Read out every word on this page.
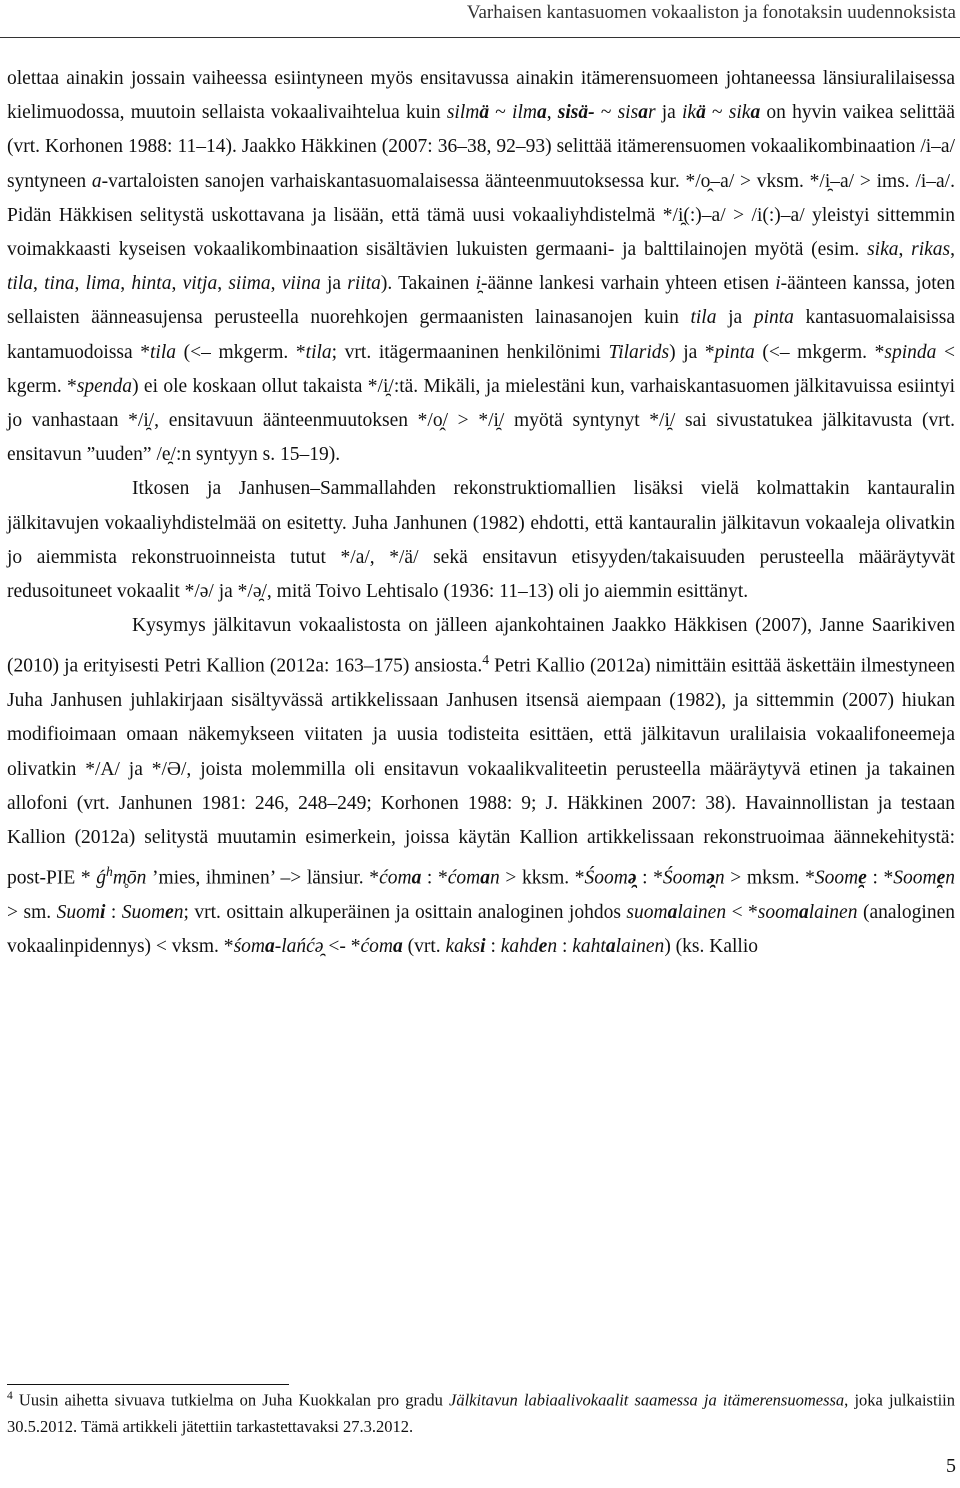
Varhaisen kantasuomen vokaaliston ja fonotaksin uudennoksista

olettaa ainakin jossain vaiheessa esiintyneen myös ensitavussa ainakin itämerensuomeen johtaneessa länsiuralilaisessa kielimuodossa, muutoin sellaista vokaalivaihtelua kuin silmä ~ ilma, sisä- ~ sisar ja ikä ~ sika on hyvin vaikea selittää (vrt. Korhonen 1988: 11–14). Jaakko Häkkinen (2007: 36–38, 92–93) selittää itämerensuomen vokaalikombinaation /i–a/ syntyneen a-vartaloisten sanojen varhaiskantasuomalaisessa äänteenmuutoksessa kur. */o̭–a/ > vksm. */i̯–a/ > ims. /i–a/. Pidän Häkkisen selitystä uskottavana ja lisään, että tämä uusi vokaaliyhdistelmä */i̯(:)–a/ > /i(:)–a/ yleistyi sittemmin voimakkaasti kyseisen vokaalikombinaation sisältävien lukuisten germaani- ja balttilainojen myötä (esim. sika, rikas, tila, tina, lima, hinta, vitja, siima, viina ja riita). Takainen i̯-äänne lankesi varhain yhteen etisen i-äänteen kanssa, joten sellaisten äänneasujensa perusteella nuorehkojen germaanisten lainasanojen kuin tila ja pinta kantasuomalaisissa kantamuodoissa *tila (<– mkgerm. *tila; vrt. itägermaaninen henkilönimi Tilarids) ja *pinta (<– mkgerm. *spinda < kgerm. *spenda) ei ole koskaan ollut takaista */i̯/:tä. Mikäli, ja mielestäni kun, varhaiskantasuomen jälkitavuissa esiintyi jo vanhastaan */i̯/, ensitavuun äänteenmuutoksen */o̭/ > */i̯/ myötä syntynyt */i̯/ sai sivustatukea jälkitavusta (vrt. ensitavun ”uuden” /e̯/:n syntyyn s. 15–19).

Itkosen ja Janhusen–Sammallahden rekonstruktiomallien lisäksi vielä kolmattakin kantauralin jälkitavujen vokaaliyhdistelmää on esitetty. Juha Janhunen (1982) ehdotti, että kantauralin jälkitavun vokaaleja olivatkin jo aiemmista rekonstruoinneista tutut */a/, */ä/ sekä ensitavun etisyyden/takaisuuden perusteella määräytyvät redusoituneet vokaalit */ə/ ja */ə̯/, mitä Toivo Lehtisalo (1936: 11–13) oli jo aiemmin esittänyt.

Kysymys jälkitavun vokaalistosta on jälleen ajankohtainen Jaakko Häkkisen (2007), Janne Saarikiven (2010) ja erityisesti Petri Kallion (2012a: 163–175) ansiosta.$^4$ Petri Kallio (2012a) nimittäin esittää äskettäin ilmestyneen Juha Janhusen juhlakirjaan sisältyvässä artikkelissaan Janhusen itsensä aiempaan (1982), ja sittemmin (2007) hiukan modifioimaan omaan näkemykseen viitaten ja uusia todisteita esittäen, että jälkitavun uralilaisia vokaalifoneemeja olivatkin */A/ ja */Ə/, joista molemmilla oli ensitavun vokaalikvaliteetin perusteella määräytyvä etinen ja takainen allofoni (vrt. Janhunen 1981: 246, 248–249; Korhonen 1988: 9; J. Häkkinen 2007: 38). Havainnollistan ja testaan Kallion (2012a) selitystä muutamin esimerkein, joissa käytän Kallion artikkelissaan rekonstruoimaa äännekehitystä: post-PIE * $ǵ^hm̥ōn$ ’mies, ihminen’ –> länsiur. *ćoma : *ćoman > kksm. *Śoomə̯ : *Śoomə̯n > mksm. *Soome̯ : *Soome̯n > sm. Suomi : Suomen; vrt. osittain alkuperäinen ja osittain analoginen johdos suomalainen < *soomalainen (analoginen vokaalinpidennys) < vksm. *śoma-lańćə̯ <- *ćoma (vrt. kaksi : kahden : kahtalainen) (ks. Kallio

$^4$ Uusin aihetta sivuava tutkielma on Juha Kuokkalan pro gradu Jälkitavun labiaalivokaalit saamessa ja itämerensuomessa, joka julkaistiin 30.5.2012. Tämä artikkeli jätettiin tarkastettavaksi 27.3.2012.

5
